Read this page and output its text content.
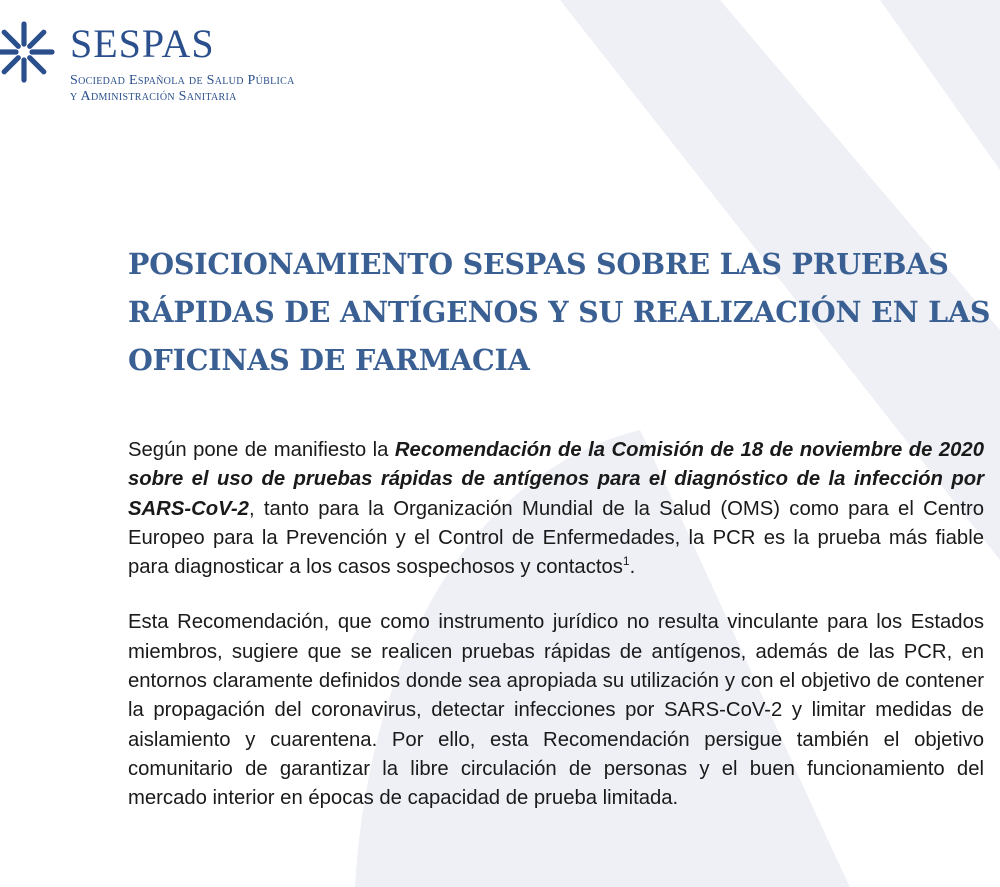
SESPAS
Sociedad Española de Salud Pública
y Administración Sanitaria
POSICIONAMIENTO SESPAS SOBRE LAS PRUEBAS
RÁPIDAS DE ANTÍGENOS Y SU REALIZACIÓN EN LAS
OFICINAS DE FARMACIA

Según pone de manifiesto la Recomendación de la Comisión de 18 de noviembre de 2020 sobre el uso de pruebas rápidas de antígenos para el diagnóstico de la infección por SARS-CoV-2, tanto para la Organización Mundial de la Salud (OMS) como para el Centro Europeo para la Prevención y el Control de Enfermedades, la PCR es la prueba más fiable para diagnosticar a los casos sospechosos y contactos$^1$.

Esta Recomendación, que como instrumento jurídico no resulta vinculante para los Estados miembros, sugiere que se realicen pruebas rápidas de antígenos, además de las PCR, en entornos claramente definidos donde sea apropiada su utilización y con el objetivo de contener la propagación del coronavirus, detectar infecciones por SARS-CoV-2 y limitar medidas de aislamiento y cuarentena. Por ello, esta Recomendación persigue también el objetivo comunitario de garantizar la libre circulación de personas y el buen funcionamiento del mercado interior en épocas de capacidad de prueba limitada.
